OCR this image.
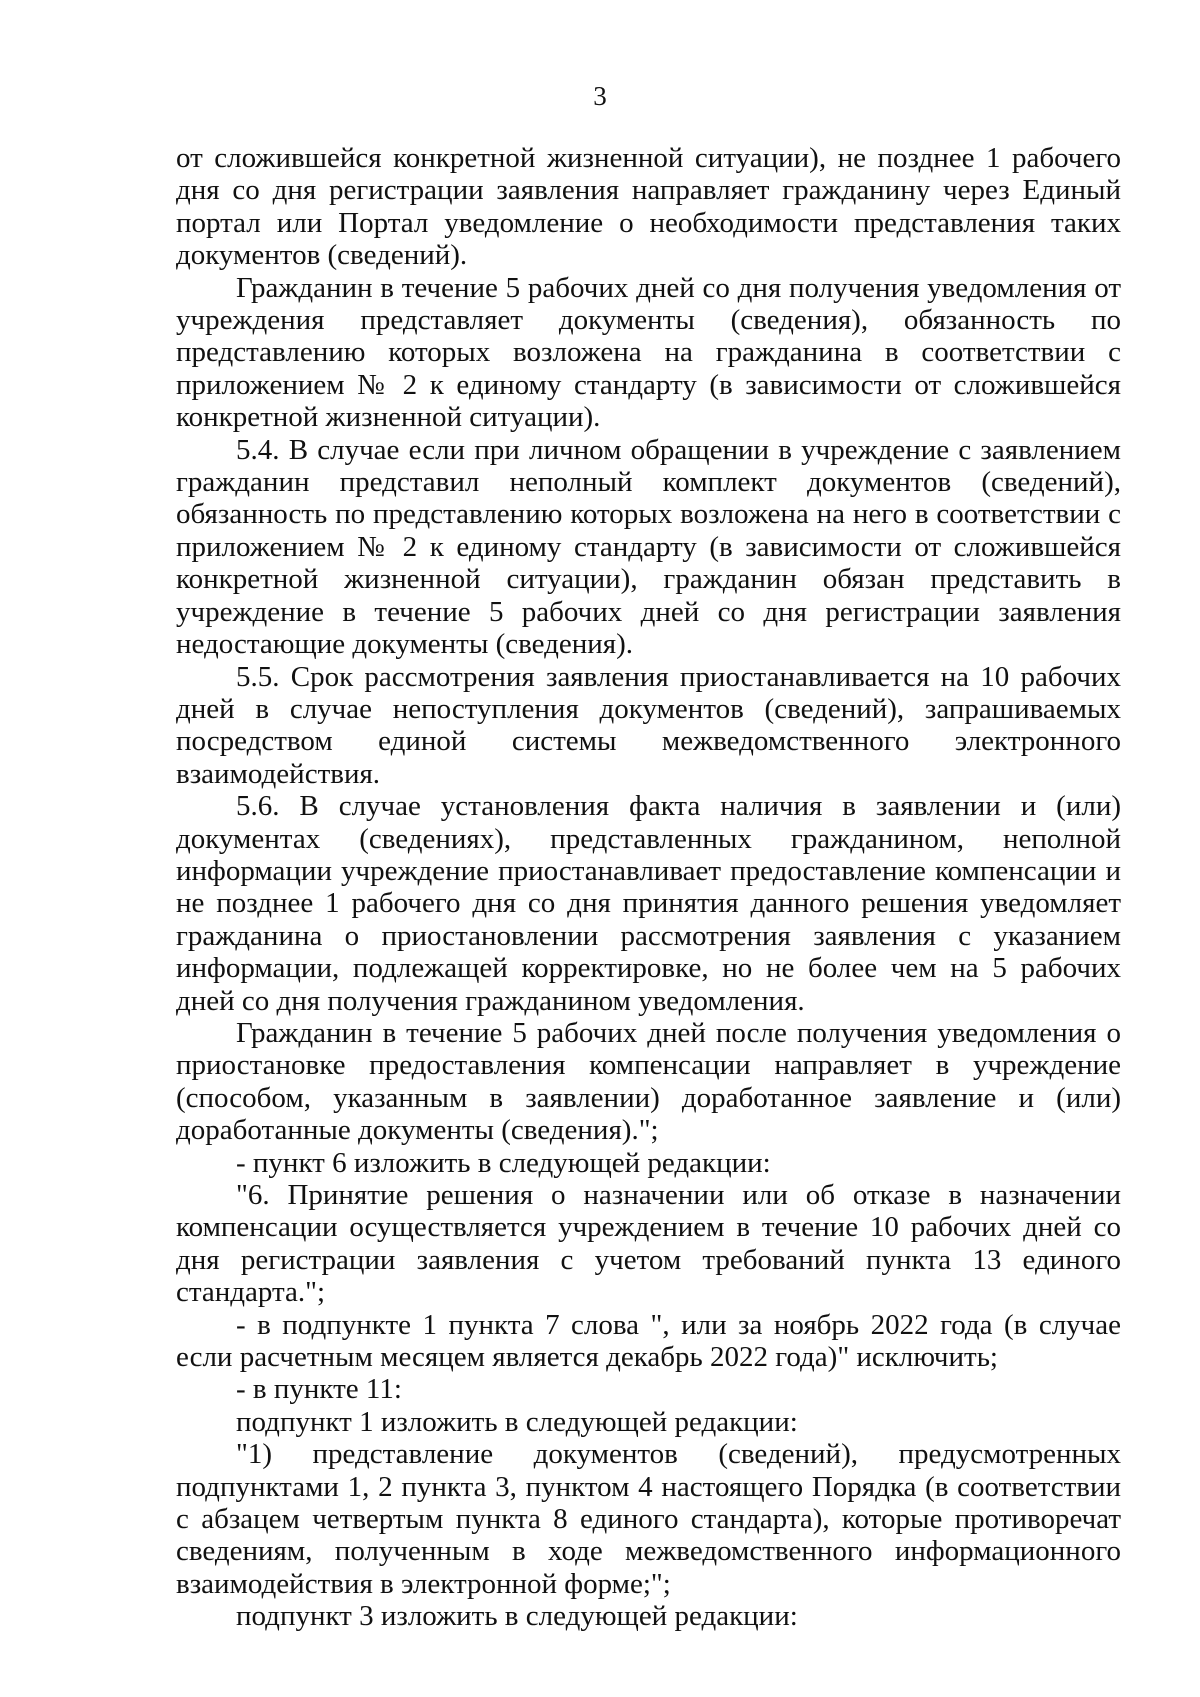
3

от сложившейся конкретной жизненной ситуации), не позднее 1 рабочего дня со дня регистрации заявления направляет гражданину через Единый портал или Портал уведомление о необходимости представления таких документов (сведений).

Гражданин в течение 5 рабочих дней со дня получения уведомления от учреждения представляет документы (сведения), обязанность по представлению которых возложена на гражданина в соответствии с приложением № 2 к единому стандарту (в зависимости от сложившейся конкретной жизненной ситуации).

5.4. В случае если при личном обращении в учреждение с заявлением гражданин представил неполный комплект документов (сведений), обязанность по представлению которых возложена на него в соответствии с приложением № 2 к единому стандарту (в зависимости от сложившейся конкретной жизненной ситуации), гражданин обязан представить в учреждение в течение 5 рабочих дней со дня регистрации заявления недостающие документы (сведения).

5.5. Срок рассмотрения заявления приостанавливается на 10 рабочих дней в случае непоступления документов (сведений), запрашиваемых посредством единой системы межведомственного электронного взаимодействия.

5.6. В случае установления факта наличия в заявлении и (или) документах (сведениях), представленных гражданином, неполной информации учреждение приостанавливает предоставление компенсации и не позднее 1 рабочего дня со дня принятия данного решения уведомляет гражданина о приостановлении рассмотрения заявления с указанием информации, подлежащей корректировке, но не более чем на 5 рабочих дней со дня получения гражданином уведомления.

Гражданин в течение 5 рабочих дней после получения уведомления о приостановке предоставления компенсации направляет в учреждение (способом, указанным в заявлении) доработанное заявление и (или) доработанные документы (сведения).";

- пункт 6 изложить в следующей редакции:

"6. Принятие решения о назначении или об отказе в назначении компенсации осуществляется учреждением в течение 10 рабочих дней со дня регистрации заявления с учетом требований пункта 13 единого стандарта.";

- в подпункте 1 пункта 7 слова ", или за ноябрь 2022 года (в случае если расчетным месяцем является декабрь 2022 года)" исключить;

- в пункте 11:

подпункт 1 изложить в следующей редакции:

"1) представление документов (сведений), предусмотренных подпунктами 1, 2 пункта 3, пунктом 4 настоящего Порядка (в соответствии с абзацем четвертым пункта 8 единого стандарта), которые противоречат сведениям, полученным в ходе межведомственного информационного взаимодействия в электронной форме;";

подпункт 3 изложить в следующей редакции:
